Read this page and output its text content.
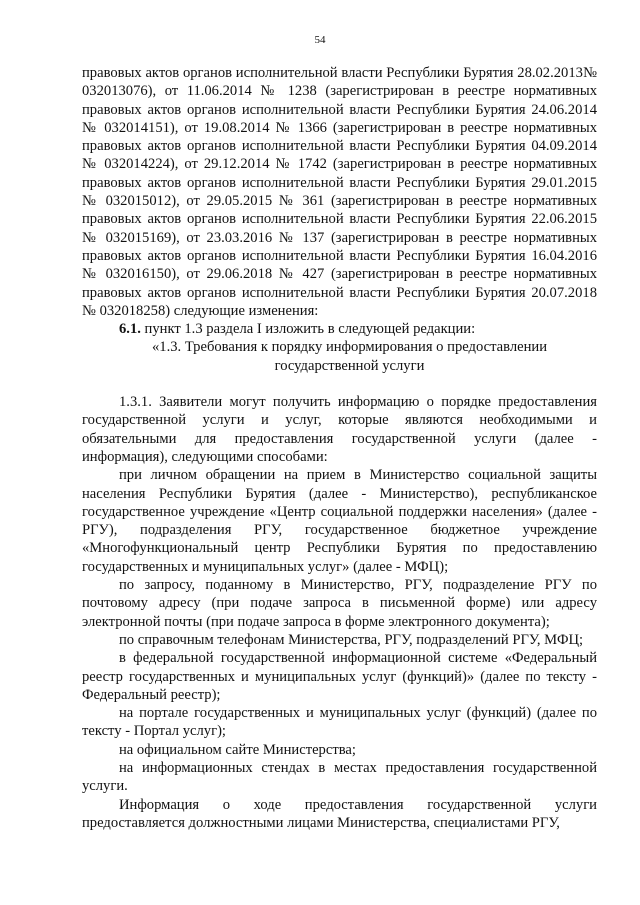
54

правовых актов органов исполнительной власти Республики Бурятия 28.02.2013№ 032013076), от 11.06.2014 № 1238 (зарегистрирован в реестре нормативных правовых актов органов исполнительной власти Республики Бурятия 24.06.2014 № 032014151), от 19.08.2014 № 1366 (зарегистрирован в реестре нормативных правовых актов органов исполнительной власти Республики Бурятия 04.09.2014 № 032014224), от 29.12.2014 № 1742 (зарегистрирован в реестре нормативных правовых актов органов исполнительной власти Республики Бурятия 29.01.2015 № 032015012), от 29.05.2015 № 361 (зарегистрирован в реестре нормативных правовых актов органов исполнительной власти Республики Бурятия 22.06.2015 № 032015169), от 23.03.2016 № 137 (зарегистрирован в реестре нормативных правовых актов органов исполнительной власти Республики Бурятия 16.04.2016 № 032016150), от 29.06.2018 № 427 (зарегистрирован в реестре нормативных правовых актов органов исполнительной власти Республики Бурятия 20.07.2018 № 032018258) следующие изменения:

6.1. пункт 1.3 раздела I изложить в следующей редакции:

«1.3. Требования к порядку информирования о предоставлении государственной услуги

1.3.1. Заявители могут получить информацию о порядке предоставления государственной услуги и услуг, которые являются необходимыми и обязательными для предоставления государственной услуги (далее - информация), следующими способами:

при личном обращении на прием в Министерство социальной защиты населения Республики Бурятия (далее - Министерство), республиканское государственное учреждение «Центр социальной поддержки населения» (далее - РГУ), подразделения РГУ, государственное бюджетное учреждение «Многофункциональный центр Республики Бурятия по предоставлению государственных и муниципальных услуг» (далее - МФЦ);

по запросу, поданному в Министерство, РГУ, подразделение РГУ по почтовому адресу (при подаче запроса в письменной форме) или адресу электронной почты (при подаче запроса в форме электронного документа);

по справочным телефонам Министерства, РГУ, подразделений РГУ, МФЦ;

в федеральной государственной информационной системе «Федеральный реестр государственных и муниципальных услуг (функций)» (далее по тексту - Федеральный реестр);

на портале государственных и муниципальных услуг (функций) (далее по тексту - Портал услуг);

на официальном сайте Министерства;

на информационных стендах в местах предоставления государственной услуги.

Информация о ходе предоставления государственной услуги предоставляется должностными лицами Министерства, специалистами РГУ,
